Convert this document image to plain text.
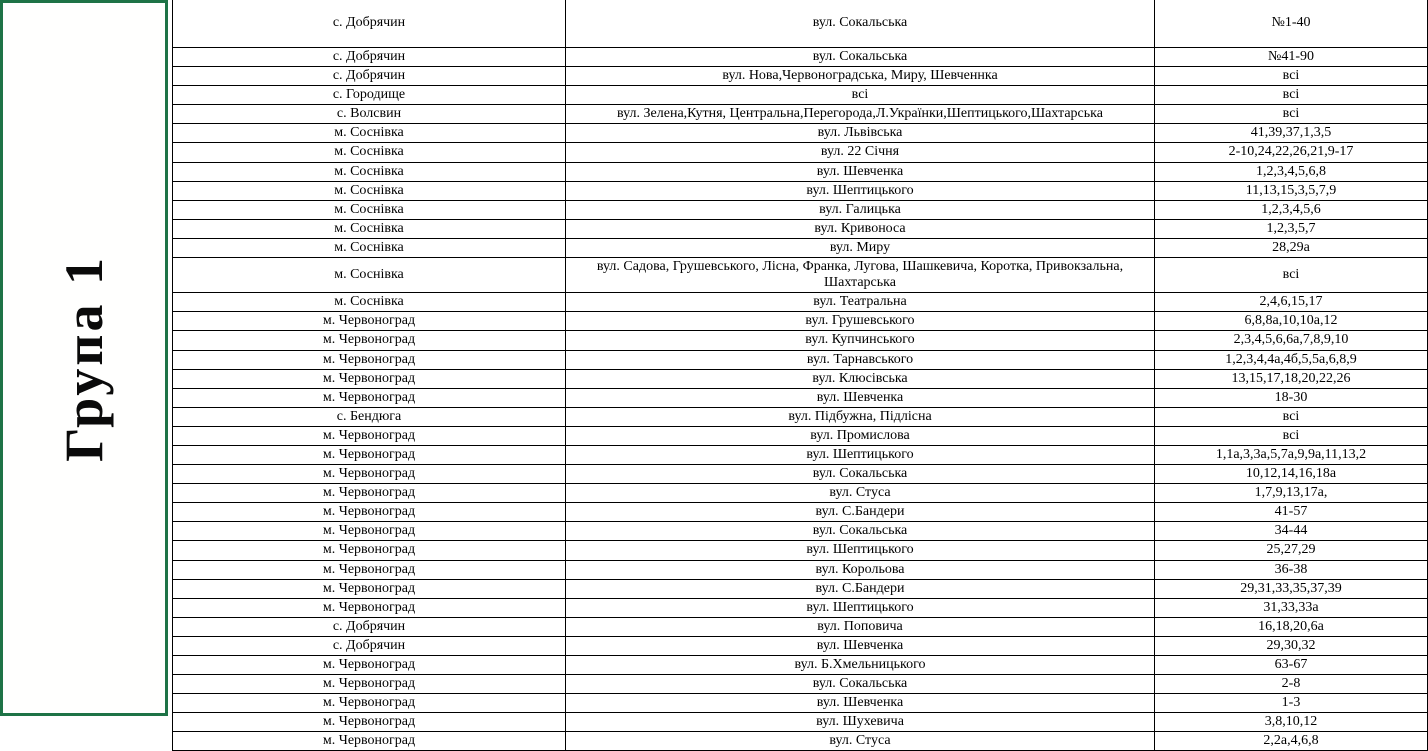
Група 1
с. Добрячин	вул. Сокальська	№1-40
с. Добрячин	вул. Сокальська	№41-90
с. Добрячин	вул. Нова,Червоноградська, Миру, Шевченнка	всі
с. Городище	всі	всі
с. Волсвин	вул. Зелена,Кутня, Центральна,Перегорода,Л.Українки,Шептицького,Шахтарська	всі
м. Соснівка	вул. Львівська	41,39,37,1,3,5
м. Соснівка	вул. 22 Січня	2-10,24,22,26,21,9-17
м. Соснівка	вул. Шевченка	1,2,3,4,5,6,8
м. Соснівка	вул. Шептицького	11,13,15,3,5,7,9
м. Соснівка	вул. Галицька	1,2,3,4,5,6
м. Соснівка	вул. Кривоноса	1,2,3,5,7
м. Соснівка	вул. Миру	28,29а
м. Соснівка	вул. Садова, Грушевського, Лісна, Франка, Лугова, Шашкевича, Коротка, Привокзальна, Шахтарська	всі
м. Соснівка	вул. Театральна	2,4,6,15,17
м. Червоноград	вул. Грушевського	6,8,8а,10,10а,12
м. Червоноград	вул. Купчинського	2,3,4,5,6,6а,7,8,9,10
м. Червоноград	вул. Тарнавського	1,2,3,4,4а,4б,5,5а,6,8,9
м. Червоноград	вул. Клюсівська	13,15,17,18,20,22,26
м. Червоноград	вул. Шевченка	18-30
с. Бендюга	вул. Підбужна, Підлісна	всі
м. Червоноград	вул. Промислова	всі
м. Червоноград	вул. Шептицького	1,1а,3,3а,5,7а,9,9а,11,13,2
м. Червоноград	вул. Сокальська	10,12,14,16,18а
м. Червоноград	вул. Стуса	1,7,9,13,17а,
м. Червоноград	вул. С.Бандери	41-57
м. Червоноград	вул. Сокальська	34-44
м. Червоноград	вул. Шептицького	25,27,29
м. Червоноград	вул. Корольова	36-38
м. Червоноград	вул. С.Бандери	29,31,33,35,37,39
м. Червоноград	вул. Шептицького	31,33,33а
с. Добрячин	вул. Поповича	16,18,20,6а
с. Добрячин	вул. Шевченка	29,30,32
м. Червоноград	вул. Б.Хмельницького	63-67
м. Червоноград	вул. Сокальська	2-8
м. Червоноград	вул. Шевченка	1-3
м. Червоноград	вул. Шухевича	3,8,10,12
м. Червоноград	вул. Стуса	2,2а,4,6,8
